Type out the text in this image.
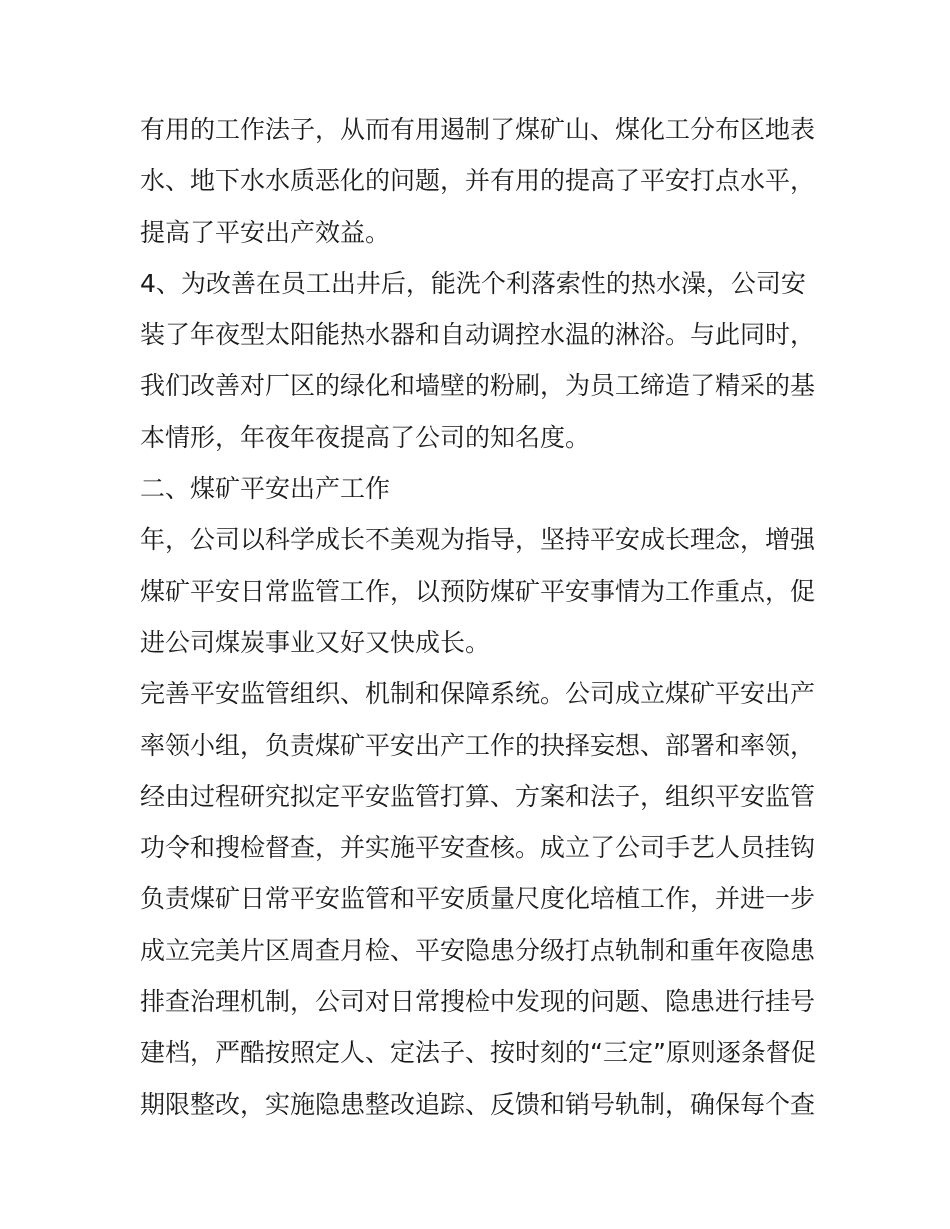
有用的工作法子，从而有用遏制了煤矿山、煤化工分布区地表
水、地下水水质恶化的问题，并有用的提高了平安打点水平，
提高了平安出产效益。
4、为改善在员工出井后，能洗个利落索性的热水澡，公司安
装了年夜型太阳能热水器和自动调控水温的淋浴。与此同时，
我们改善对厂区的绿化和墙壁的粉刷，为员工缔造了精采的基
本情形，年夜年夜提高了公司的知名度。
二、煤矿平安出产工作
年，公司以科学成长不美观为指导，坚持平安成长理念，增强
煤矿平安日常监管工作，以预防煤矿平安事情为工作重点，促
进公司煤炭事业又好又快成长。
完善平安监管组织、机制和保障系统。公司成立煤矿平安出产
率领小组，负责煤矿平安出产工作的抉择妄想、部署和率领，
经由过程研究拟定平安监管打算、方案和法子，组织平安监管
功令和搜检督查，并实施平安查核。成立了公司手艺人员挂钩
负责煤矿日常平安监管和平安质量尺度化培植工作，并进一步
成立完美片区周查月检、平安隐患分级打点轨制和重年夜隐患
排查治理机制，公司对日常搜检中发现的问题、隐患进行挂号
建档，严酷按照定人、定法子、按时刻的“三定”原则逐条督促
期限整改，实施隐患整改追踪、反馈和销号轨制，确保每个查
